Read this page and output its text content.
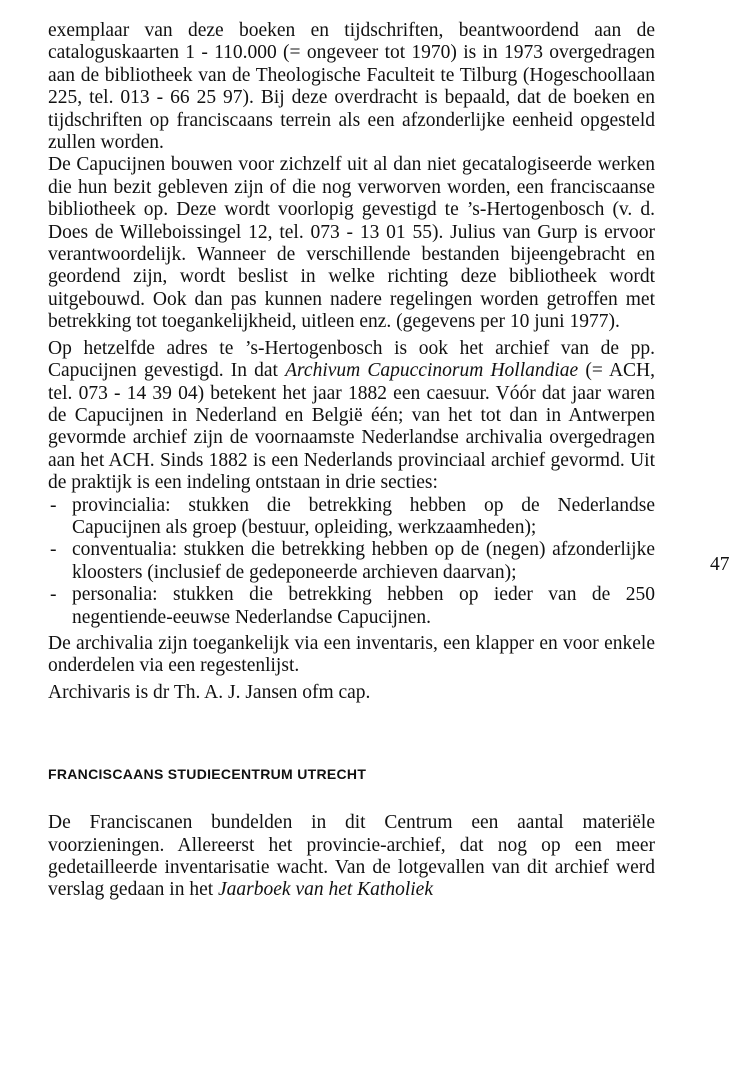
exemplaar van deze boeken en tijdschriften, beantwoordend aan de cataloguskaarten 1 - 110.000 (= ongeveer tot 1970) is in 1973 overgedragen aan de bibliotheek van de Theologische Faculteit te Tilburg (Hogeschoollaan 225, tel. 013 - 66 25 97). Bij deze overdracht is bepaald, dat de boeken en tijdschriften op franciscaans terrein als een afzonderlijke eenheid opgesteld zullen worden.

De Capucijnen bouwen voor zichzelf uit al dan niet gecatalogiseerde werken die hun bezit gebleven zijn of die nog verworven worden, een franciscaanse bibliotheek op. Deze wordt voorlopig gevestigd te ’s-Hertogenbosch (v. d. Does de Willeboissingel 12, tel. 073 - 13 01 55). Julius van Gurp is ervoor verantwoordelijk. Wanneer de verschillende bestanden bijeengebracht en geordend zijn, wordt beslist in welke richting deze bibliotheek wordt uitgebouwd. Ook dan pas kunnen nadere regelingen worden getroffen met betrekking tot toegankelijkheid, uitleen enz. (gegevens per 10 juni 1977).

Op hetzelfde adres te ’s-Hertogenbosch is ook het archief van de pp. Capucijnen gevestigd. In dat Archivum Capuccinorum Hollandiae (= ACH, tel. 073 - 14 39 04) betekent het jaar 1882 een caesuur. Vóór dat jaar waren de Capucijnen in Nederland en België één; van het tot dan in Antwerpen gevormde archief zijn de voornaamste Nederlandse archivalia overgedragen aan het ACH. Sinds 1882 is een Nederlands provinciaal archief gevormd. Uit de praktijk is een indeling ontstaan in drie secties:

- provincialia: stukken die betrekking hebben op de Nederlandse Capucijnen als groep (bestuur, opleiding, werkzaamheden);
- conventualia: stukken die betrekking hebben op de (negen) afzonderlijke kloosters (inclusief de gedeponeerde archieven daarvan);
- personalia: stukken die betrekking hebben op ieder van de 250 negentiende-eeuwse Nederlandse Capucijnen.

De archivalia zijn toegankelijk via een inventaris, een klapper en voor enkele onderdelen via een regestenlijst.

Archivaris is dr Th. A. J. Jansen ofm cap.

FRANCISCAANS STUDIECENTRUM UTRECHT

De Franciscanen bundelden in dit Centrum een aantal materiële voorzieningen. Allereerst het provincie-archief, dat nog op een meer gedetailleerde inventarisatie wacht. Van de lotgevallen van dit archief werd verslag gedaan in het Jaarboek van het Katholiek

47
